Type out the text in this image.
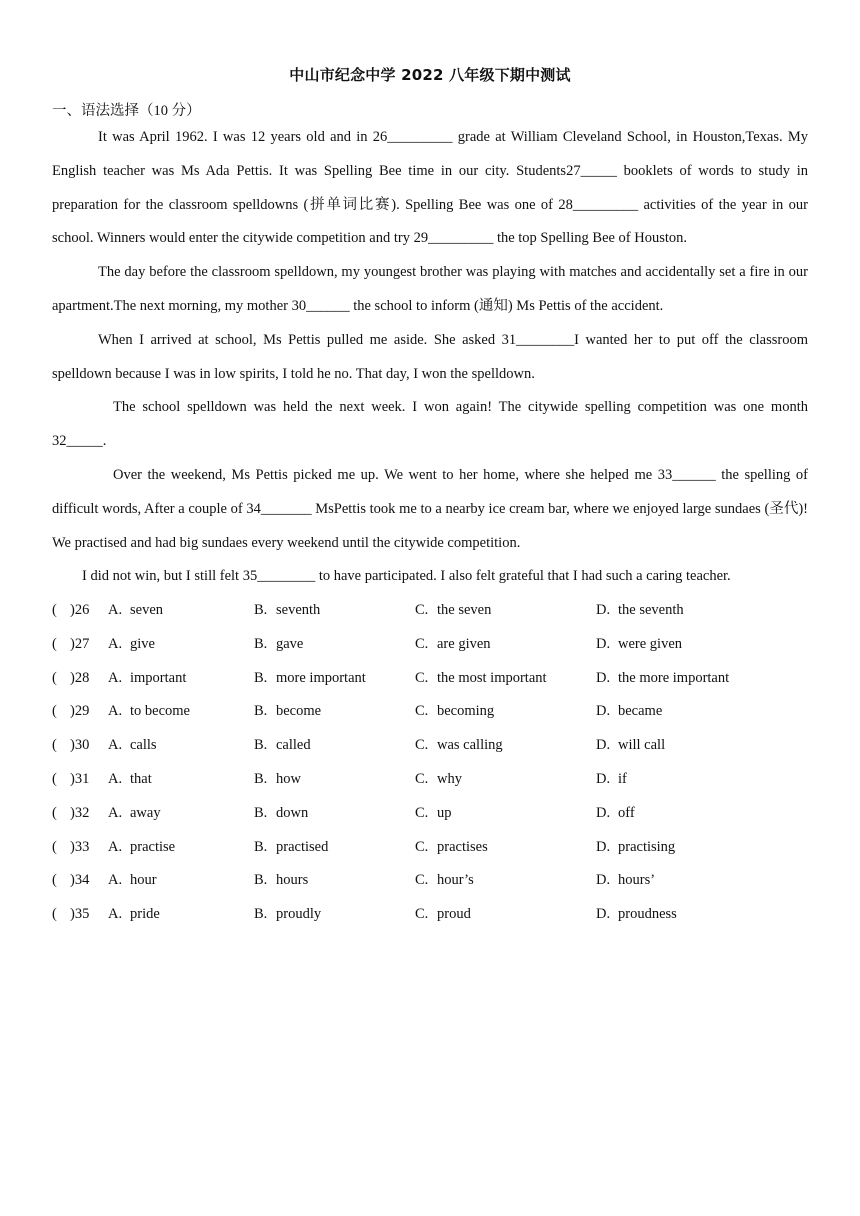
中山市纪念中学 2022 八年级下期中测试
一、语法选择（10 分）

It was April 1962. I was 12 years old and in 26_________ grade at William Cleveland School, in Houston,Texas. My English teacher was Ms Ada Pettis. It was Spelling Bee time in our city. Students27_____ booklets of words to study in preparation for the classroom spelldowns (拼单词比赛). Spelling Bee was one of 28_________ activities of the year in our school. Winners would enter the citywide competition and try 29_________ the top Spelling Bee of Houston.

The day before the classroom spelldown, my youngest brother was playing with matches and accidentally set a fire in our apartment.The next morning, my mother 30______ the school to inform (通知) Ms Pettis of the accident.

When I arrived at school, Ms Pettis pulled me aside. She asked 31________I wanted her to put off the classroom spelldown because I was in low spirits, I told he no. That day, I won the spelldown.

The school spelldown was held the next week. I won again! The citywide spelling competition was one month 32_____.

Over the weekend, Ms Pettis picked me up. We went to her home, where she helped me 33______ the spelling of difficult words, After a couple of 34_______ MsPettis took me to a nearby ice cream bar, where we enjoyed large sundaes (圣代)! We practised and had big sundaes every weekend until the citywide competition.

I did not win, but I still felt 35________ to have participated. I also felt grateful that I had such a caring teacher.

( )26 A. seven	B. seventh	C. the seven	D. the seventh
( )27 A. give	B. gave	C. are given	D. were given
( )28 A. important	B. more important	C. the most important	D. the more important
( )29 A. to become	B. become	C. becoming	D. became
( )30 A. calls	B. called	C. was calling	D. will call
( )31 A. that	B. how	C. why	D. if
( )32 A. away	B. down	C. up	D. off
( )33 A. practise	B. practised	C. practises	D. practising
( )34 A. hour	B. hours	C. hour’s	D. hours’
( )35 A. pride	B. proudly	C. proud	D. proudness
